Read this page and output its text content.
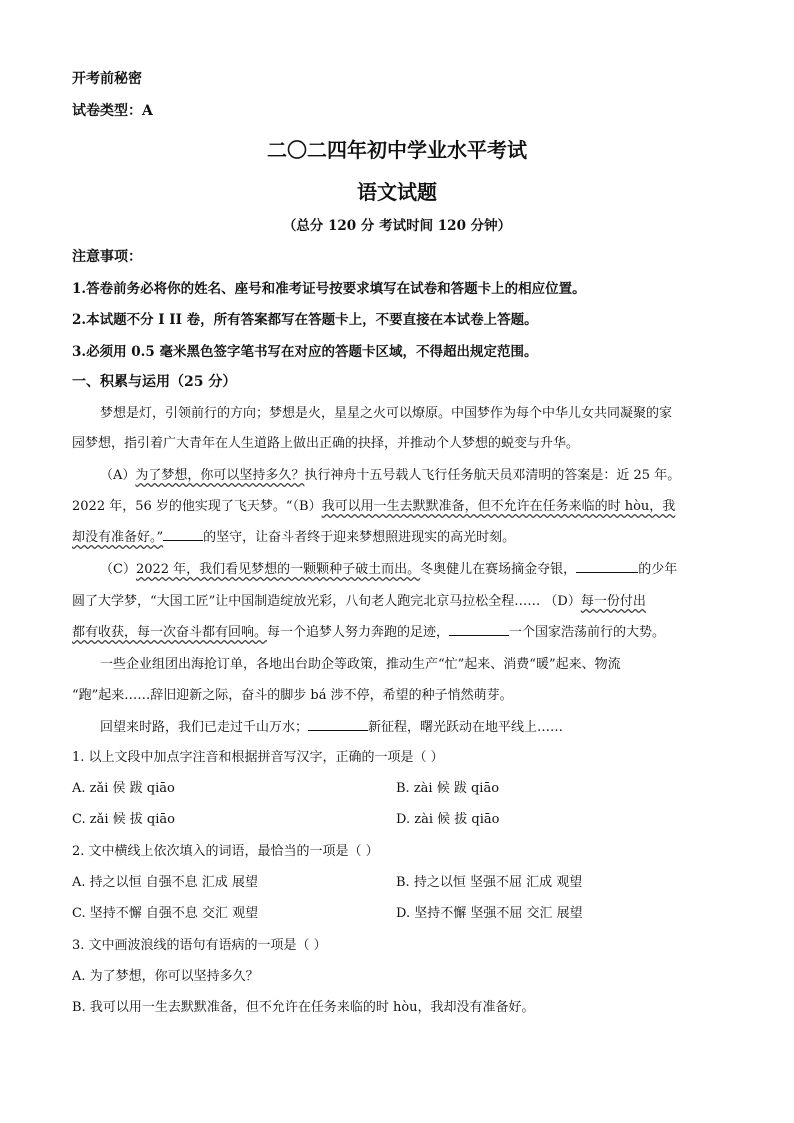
开考前秘密
试卷类型：A
二〇二四年初中学业水平考试
语文试题
（总分 120 分 考试时间 120 分钟）
注意事项：
1.答卷前务必将你的姓名、座号和准考证号按要求填写在试卷和答题卡上的相应位置。
2.本试题不分 I II 卷，所有答案都写在答题卡上，不要直接在本试卷上答题。
3.必须用 0.5 毫米黑色签字笔书写在对应的答题卡区域，不得超出规定范围。
一、积累与运用（25 分）
梦想是灯，引领前行的方向；梦想是火，星星之火可以燎原。中国梦作为每个中华儿女共同凝聚的家
园梦想，指引着广大青年在人生道路上做出正确的抉择，并推动个人梦想的蜕变与升华。
（A）为了梦想，你可以坚持多久？执行神舟十五号载人飞行任务航天员邓清明的答案是：近 25 年。
2022 年，56 岁的他实现了飞天梦。“（B）我可以用一生去默默准备，但不允许在任务来临的时 hòu，我
却没有准备好。”	的坚守，让奋斗者终于迎来梦想照进现实的高光时刻。
（C）2022 年，我们看见梦想的一颗颗种子破土而出。冬奥健儿在赛场摘金夺银，	的少年
圆了大学梦，“大国工匠”让中国制造绽放光彩，八旬老人跑完北京马拉松全程…… （D）每一份付出
都有收获，每一次奋斗都有回响。每一个追梦人努力奔跑的足迹，	一个国家浩荡前行的大势。
一些企业组团出海抢订单，各地出台助企等政策，推动生产“忙”起来、消费“暖”起来、物流
“跑”起来……辞旧迎新之际，奋斗的脚步 bá 涉不停，希望的种子悄然萌芽。
回望来时路，我们已走过千山万水；	新征程，曙光跃动在地平线上……
1. 以上文段中加点字注音和根据拼音写汉字，正确的一项是（ ）
A. zǎi 侯 跋 qiāo	B. zài 候 跋 qiāo
C. zǎi 候 拔 qiāo	D. zài 候 拔 qiāo
2. 文中横线上依次填入的词语，最恰当的一项是（ ）
A. 持之以恒 自强不息 汇成 展望	B. 持之以恒 坚强不屈 汇成 观望
C. 坚持不懈 自强不息 交汇 观望	D. 坚持不懈 坚强不屈 交汇 展望
3. 文中画波浪线的语句有语病的一项是（ ）
A. 为了梦想，你可以坚持多久？
B. 我可以用一生去默默准备，但不允许在任务来临的时 hòu，我却没有准备好。
